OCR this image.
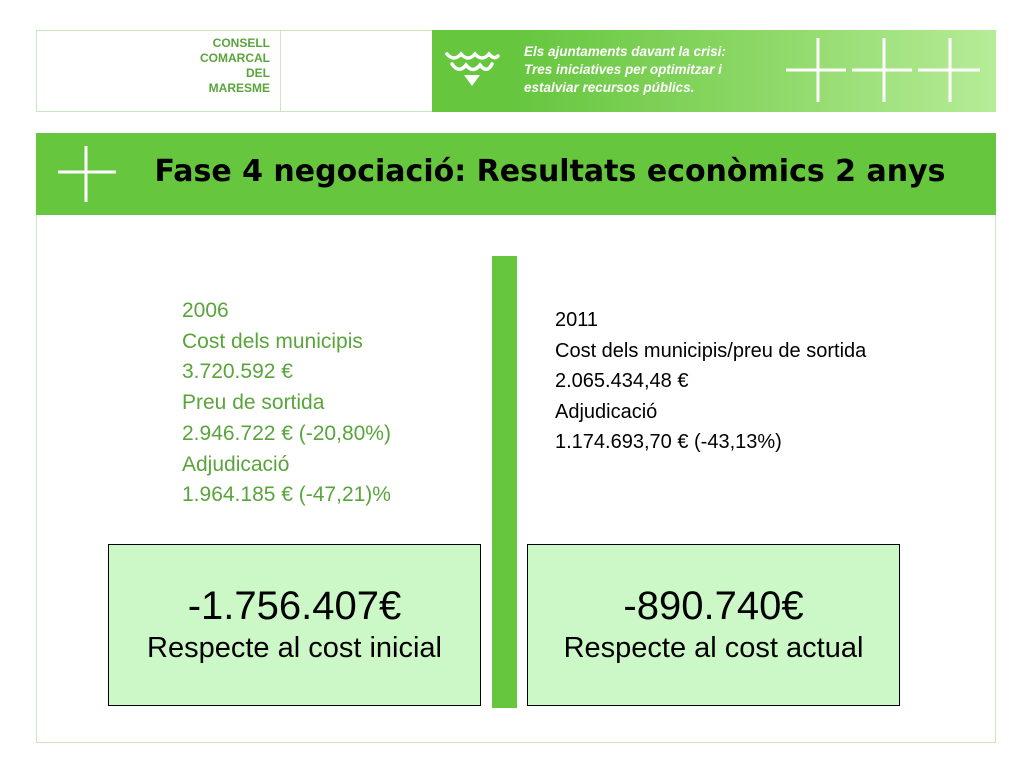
CONSELL
COMARCAL
DEL
MARESME
Els ajuntaments davant la crisi:
Tres iniciatives per optimitzar i
estalviar recursos públics.
Fase 4 negociació: Resultats econòmics 2 anys
2006
Cost dels municipis
3.720.592 €
Preu de sortida
2.946.722 € (-20,80%)
Adjudicació
1.964.185 € (-47,21)%
2011
Cost dels municipis/preu de sortida
2.065.434,48 €
Adjudicació
1.174.693,70 € (-43,13%)
-1.756.407€
Respecte al cost inicial
-890.740€
Respecte al cost actual
